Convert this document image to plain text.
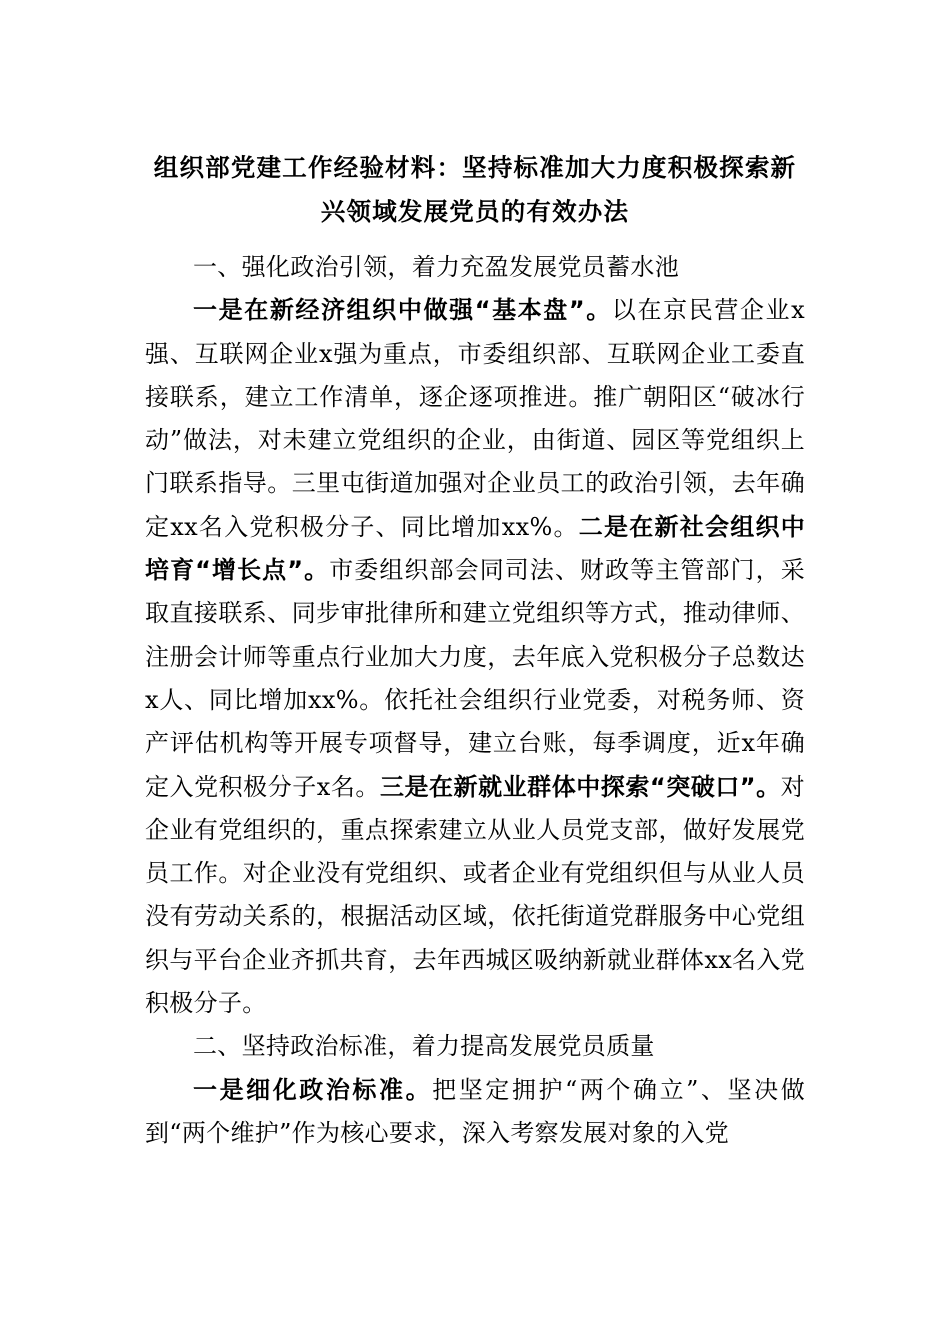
组织部党建工作经验材料：坚持标准加大力度积极探索新兴领域发展党员的有效办法

一、强化政治引领，着力充盈发展党员蓄水池

一是在新经济组织中做强“基本盘”。以在京民营企业x强、互联网企业x强为重点，市委组织部、互联网企业工委直接联系，建立工作清单，逐企逐项推进。推广朝阳区“破冰行动”做法，对未建立党组织的企业，由街道、园区等党组织上门联系指导。三里屯街道加强对企业员工的政治引领，去年确定xx名入党积极分子、同比增加xx%。二是在新社会组织中培育“增长点”。市委组织部会同司法、财政等主管部门，采取直接联系、同步审批律所和建立党组织等方式，推动律师、注册会计师等重点行业加大力度，去年底入党积极分子总数达x人、同比增加xx%。依托社会组织行业党委，对税务师、资产评估机构等开展专项督导，建立台账，每季调度，近x年确定入党积极分子x名。三是在新就业群体中探索“突破口”。对企业有党组织的，重点探索建立从业人员党支部，做好发展党员工作。对企业没有党组织、或者企业有党组织但与从业人员没有劳动关系的，根据活动区域，依托街道党群服务中心党组织与平台企业齐抓共育，去年西城区吸纳新就业群体xx名入党积极分子。

二、坚持政治标准，着力提高发展党员质量

一是细化政治标准。把坚定拥护“两个确立”、坚决做到“两个维护”作为核心要求，深入考察发展对象的入党
